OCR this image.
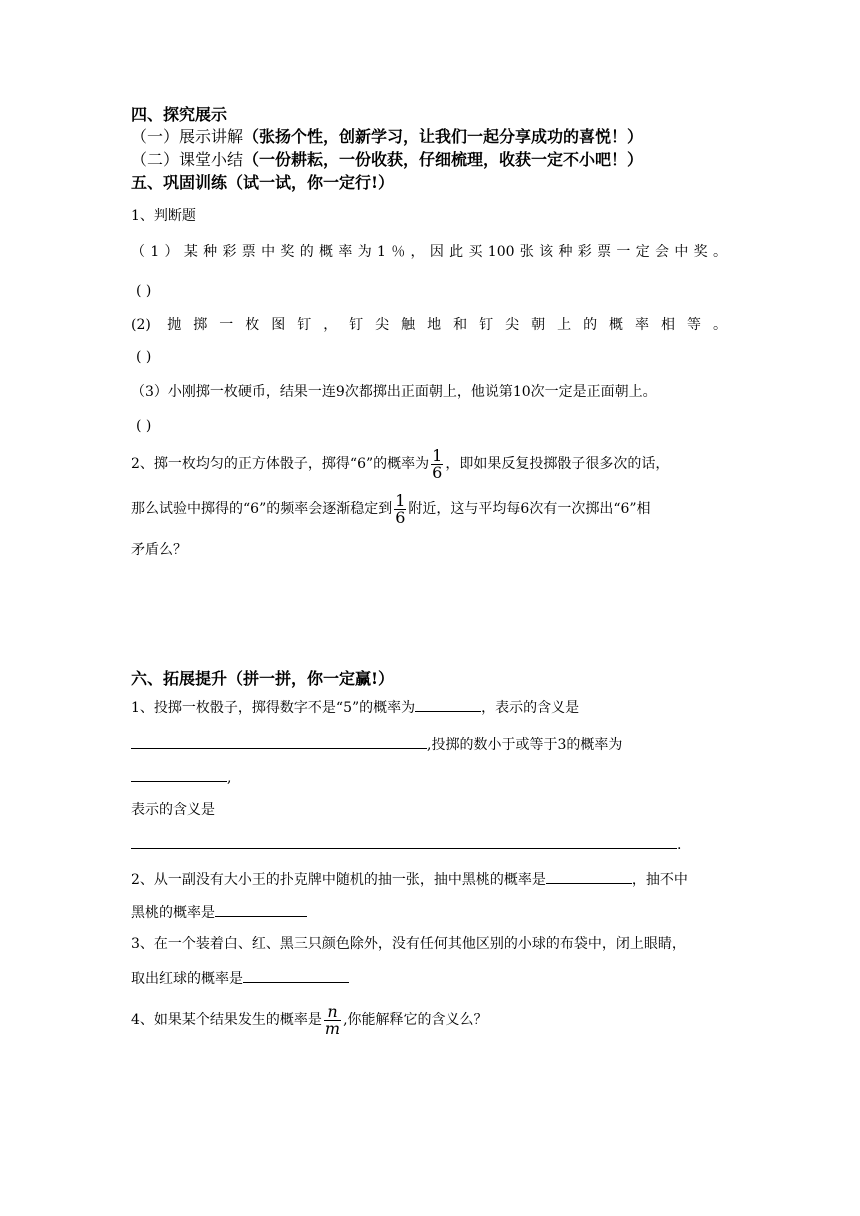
四、探究展示
（一）展示讲解（张扬个性，创新学习，让我们一起分享成功的喜悦！）
（二）课堂小结（一份耕耘，一份收获，仔细梳理，收获一定不小吧！）
五、巩固训练（试一试，你一定行!）
1、判断题
（1）某种彩票中奖的概率为1％，因此买100张该种彩票一定会中奖。
( )
(2) 抛掷一枚图钉，钉尖触地和钉尖朝上的概率相等。
( )
（3）小刚掷一枚硬币，结果一连9次都掷出正面朝上，他说第10次一定是正面朝上。
( )
2、掷一枚均匀的正方体骰子，掷得“6”的概率为 $\frac{1}{6}$ ，即如果反复投掷骰子很多次的话，
那么试验中掷得的“6”的频率会逐渐稳定到 $\frac{1}{6}$ 附近，这与平均每6次有一次掷出“6”相
矛盾么？
六、拓展提升（拼一拼，你一定赢!）
1、投掷一枚骰子，掷得数字不是“5”的概率为	，表示的含义是
,投掷的数小于或等于3的概率为
,
表示的含义是
.
2、从一副没有大小王的扑克牌中随机的抽一张，抽中黑桃的概率是	，抽不中
黑桃的概率是
3、在一个装着白、红、黑三只颜色除外，没有任何其他区别的小球的布袋中，闭上眼睛，
取出红球的概率是
4、如果某个结果发生的概率是 $\frac{n}{m}$ ,你能解释它的含义么？
